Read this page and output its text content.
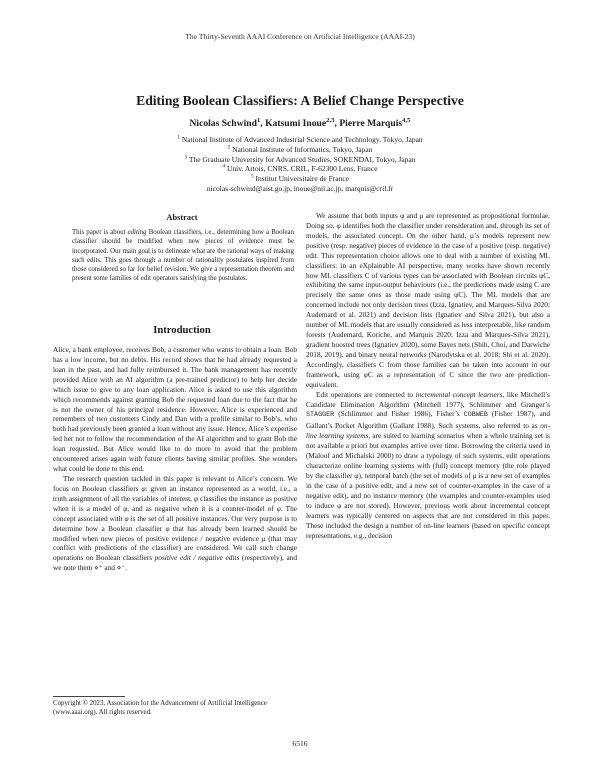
The Thirty-Seventh AAAI Conference on Artificial Intelligence (AAAI-23)
Editing Boolean Classifiers: A Belief Change Perspective
Nicolas Schwind$^1$, Katsumi Inoue$^{2,3}$, Pierre Marquis$^{4,5}$
$^1$ National Institute of Advanced Industrial Science and Technology, Tokyo, Japan
$^2$ National Institute of Informatics, Tokyo, Japan
$^3$ The Graduate University for Advanced Studies, SOKENDAI, Tokyo, Japan
$^4$ Univ. Artois, CNRS, CRIL, F-62300 Lens, France
$^5$ Institut Universitaire de France
nicolas-schwind@aist.go.jp, inoue@nii.ac.jp, marquis@cril.fr
Abstract
This paper is about editing Boolean classifiers, i.e., determining how a Boolean classifier should be modified when new pieces of evidence must be incorporated. Our main goal is to delineate what are the rational ways of making such edits. This goes through a number of rationality postulates inspired from those considered so far for belief revision. We give a representation theorem and present some families of edit operators satisfying the postulates.
Introduction

Alice, a bank employee, receives Bob, a customer who wants to obtain a loan. Bob has a low income, but no debts. His record shows that he had already requested a loan in the past, and had fully reimbursed it. The bank management has recently provided Alice with an AI algorithm (a pre-trained predictor) to help her decide which issue to give to any loan application. Alice is asked to use this algorithm which recommends against granting Bob the requested loan due to the fact that he is not the owner of his principal residence. However, Alice is experienced and remembers of two customers Cindy and Dan with a profile similar to Bob’s, who both had previously been granted a loan without any issue. Hence, Alice’s expertise led her not to follow the recommendation of the AI algorithm and to grant Bob the loan requested. But Alice would like to do more to avoid that the problem encountered arises again with future clients having similar profiles. She wonders what could be done to this end.

The research question tackled in this paper is relevant to Alice’s concern. We focus on Boolean classifiers φ: given an instance represented as a world, i.e., a truth assignment of all the variables of interest, φ classifies the instance as positive when it is a model of φ, and as negative when it is a counter-model of φ. The concept associated with φ is the set of all positive instances. Our very purpose is to determine how a Boolean classifier φ that has already been learned should be modified when new pieces of positive evidence / negative evidence μ (that may conflict with predictions of the classifier) are considered. We call such change operations on Boolean classifiers positive edit / negative edits (respectively), and we note them ⋄⁺ and ⋄⁻.

We assume that both inputs φ and μ are represented as propositional formulae. Doing so, φ identifies both the classifier under consideration and, through its set of models, the associated concept. On the other hand, μ’s models represent new positive (resp. negative) pieces of evidence in the case of a positive (resp. negative) edit. This representation choice allows one to deal with a number of existing ML classifiers: in an eXplainable AI perspective, many works have shown recently how ML classifiers C of various types can be associated with Boolean circuits φC, exhibiting the same input-output behaviours (i.e., the predictions made using C are precisely the same ones as those made using φC). The ML models that are concerned include not only decision trees (Izza, Ignatiev, and Marques-Silva 2020; Audemard et al. 2021) and decision lists (Ignatiev and Silva 2021), but also a number of ML models that are usually considered as less interpretable, like random forests (Audemard, Koriche, and Marquis 2020; Izza and Marques-Silva 2021), gradient boosted trees (Ignatiev 2020), some Bayes nets (Shih, Choi, and Darwiche 2018, 2019), and binary neural networks (Narodytska et al. 2018; Shi et al. 2020). Accordingly, classifiers C from those families can be taken into account in our framework, using φC as a representation of C since the two are prediction-equivalent.

Edit operations are connected to incremental concept learners, like Mitchell’s Candidate Elimination Algorithm (Mitchell 1977), Schlimmer and Granger’s STAGGER (Schlimmer and Fisher 1986), Fisher’s COBWEB (Fisher 1987), and Gallant’s Pocket Algorithm (Gallant 1988). Such systems, also referred to as on-line learning systems, are suited to learning scenarios when a whole training set is not available a priori but examples arrive over time. Borrowing the criteria used in (Maloof and Michalski 2000) to draw a typology of such systems, edit operations characterize online learning systems with (full) concept memory (the role played by the classifier φ), temporal batch (the set of models of μ is a new set of examples in the case of a positive edit, and a new set of counter-examples in the case of a negative edit), and no instance memory (the examples and counter-examples used to induce φ are not stored). However, previous work about incremental concept learners was typically centered on aspects that are not considered in this paper. These included the design a number of on-line learners (based on specific concept representations, e.g., decision

Copyright © 2023, Association for the Advancement of Artificial Intelligence (www.aaai.org). All rights reserved.
6516
